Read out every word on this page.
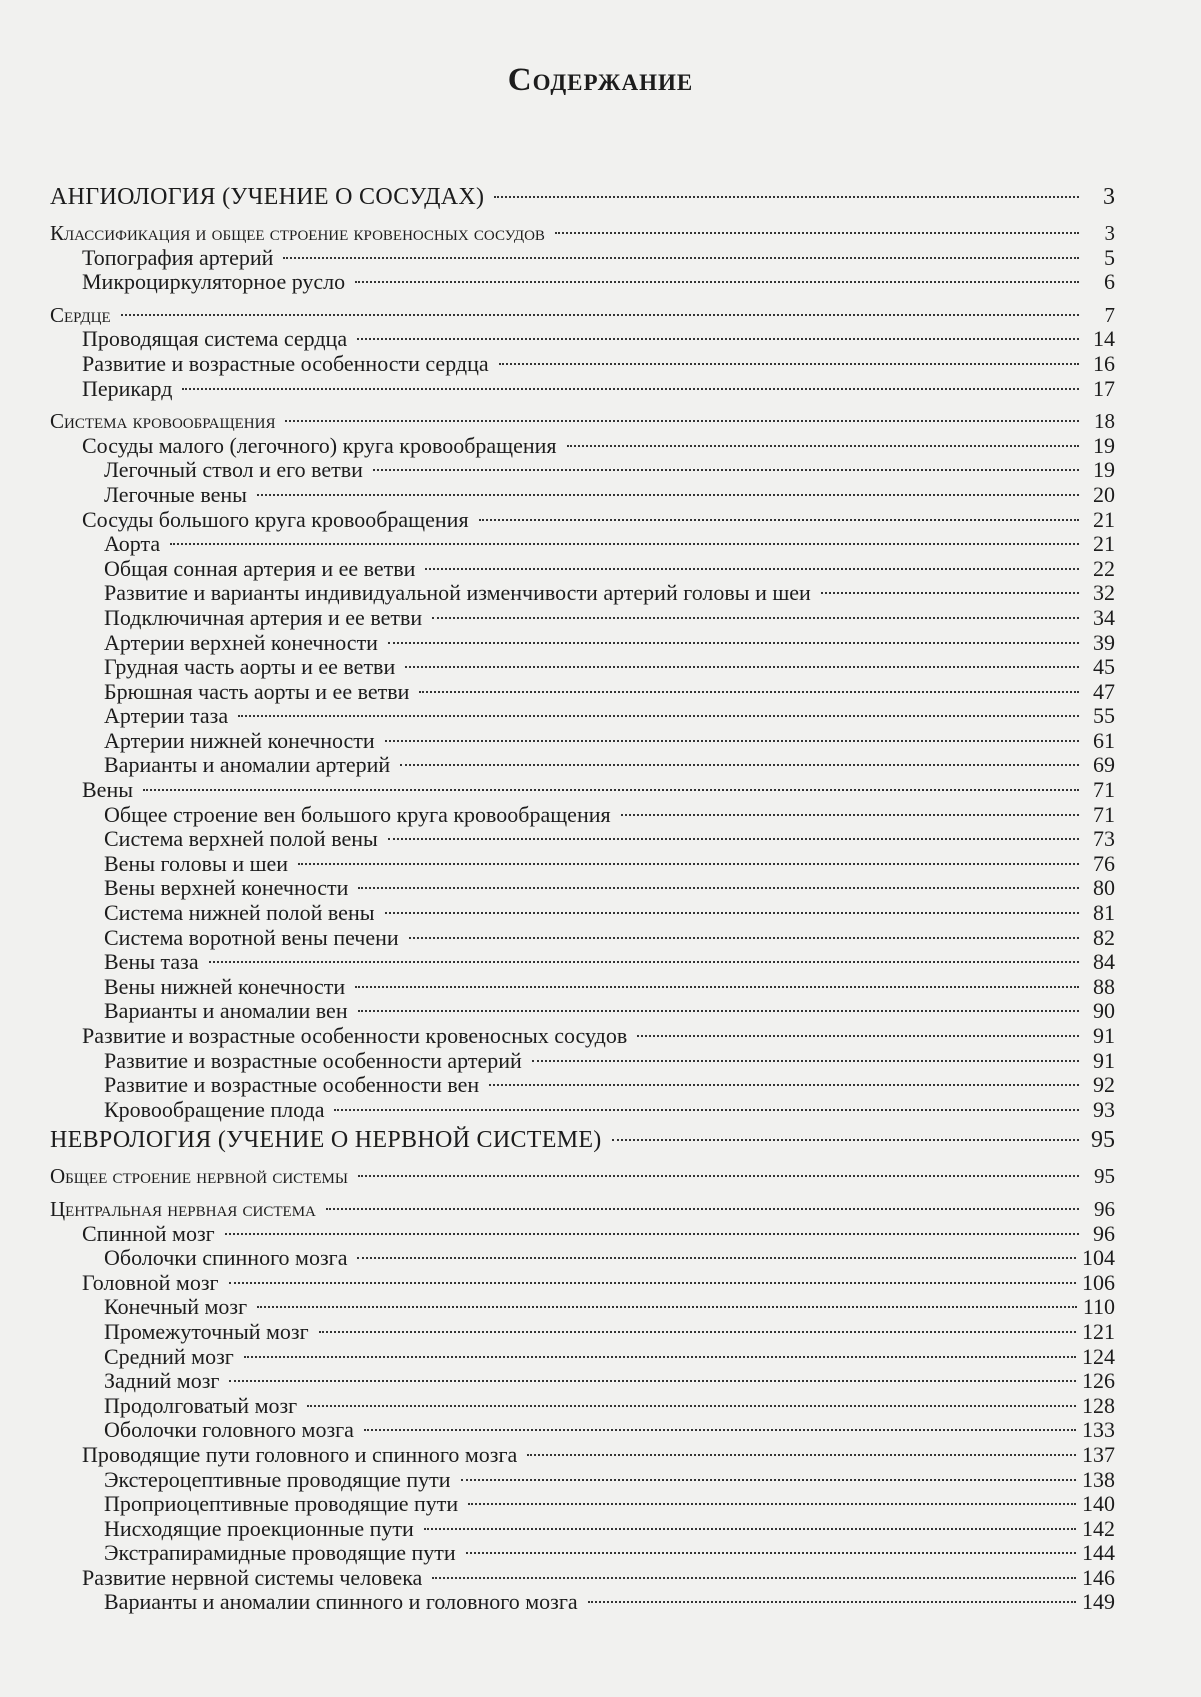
Содержание
АНГИОЛОГИЯ (УЧЕНИЕ О СОСУДАХ)	3
Классификация и общее строение кровеносных сосудов	3
Топография артерий	5
Микроциркуляторное русло	6
Сердце	7
Проводящая система сердца	14
Развитие и возрастные особенности сердца	16
Перикард	17
Система кровообращения	18
Сосуды малого (легочного) круга кровообращения	19
Легочный ствол и его ветви	19
Легочные вены	20
Сосуды большого круга кровообращения	21
Аорта	21
Общая сонная артерия и ее ветви	22
Развитие и варианты индивидуальной изменчивости артерий головы и шеи	32
Подключичная артерия и ее ветви	34
Артерии верхней конечности	39
Грудная часть аорты и ее ветви	45
Брюшная часть аорты и ее ветви	47
Артерии таза	55
Артерии нижней конечности	61
Варианты и аномалии артерий	69
Вены	71
Общее строение вен большого круга кровообращения	71
Система верхней полой вены	73
Вены головы и шеи	76
Вены верхней конечности	80
Система нижней полой вены	81
Система воротной вены печени	82
Вены таза	84
Вены нижней конечности	88
Варианты и аномалии вен	90
Развитие и возрастные особенности кровеносных сосудов	91
Развитие и возрастные особенности артерий	91
Развитие и возрастные особенности вен	92
Кровообращение плода	93
НЕВРОЛОГИЯ (УЧЕНИЕ О НЕРВНОЙ СИСТЕМЕ)	95
Общее строение нервной системы	95
Центральная нервная система	96
Спинной мозг	96
Оболочки спинного мозга	104
Головной мозг	106
Конечный мозг	110
Промежуточный мозг	121
Средний мозг	124
Задний мозг	126
Продолговатый мозг	128
Оболочки головного мозга	133
Проводящие пути головного и спинного мозга	137
Экстероцептивные проводящие пути	138
Проприоцептивные проводящие пути	140
Нисходящие проекционные пути	142
Экстрапирамидные проводящие пути	144
Развитие нервной системы человека	146
Варианты и аномалии спинного и головного мозга	149
